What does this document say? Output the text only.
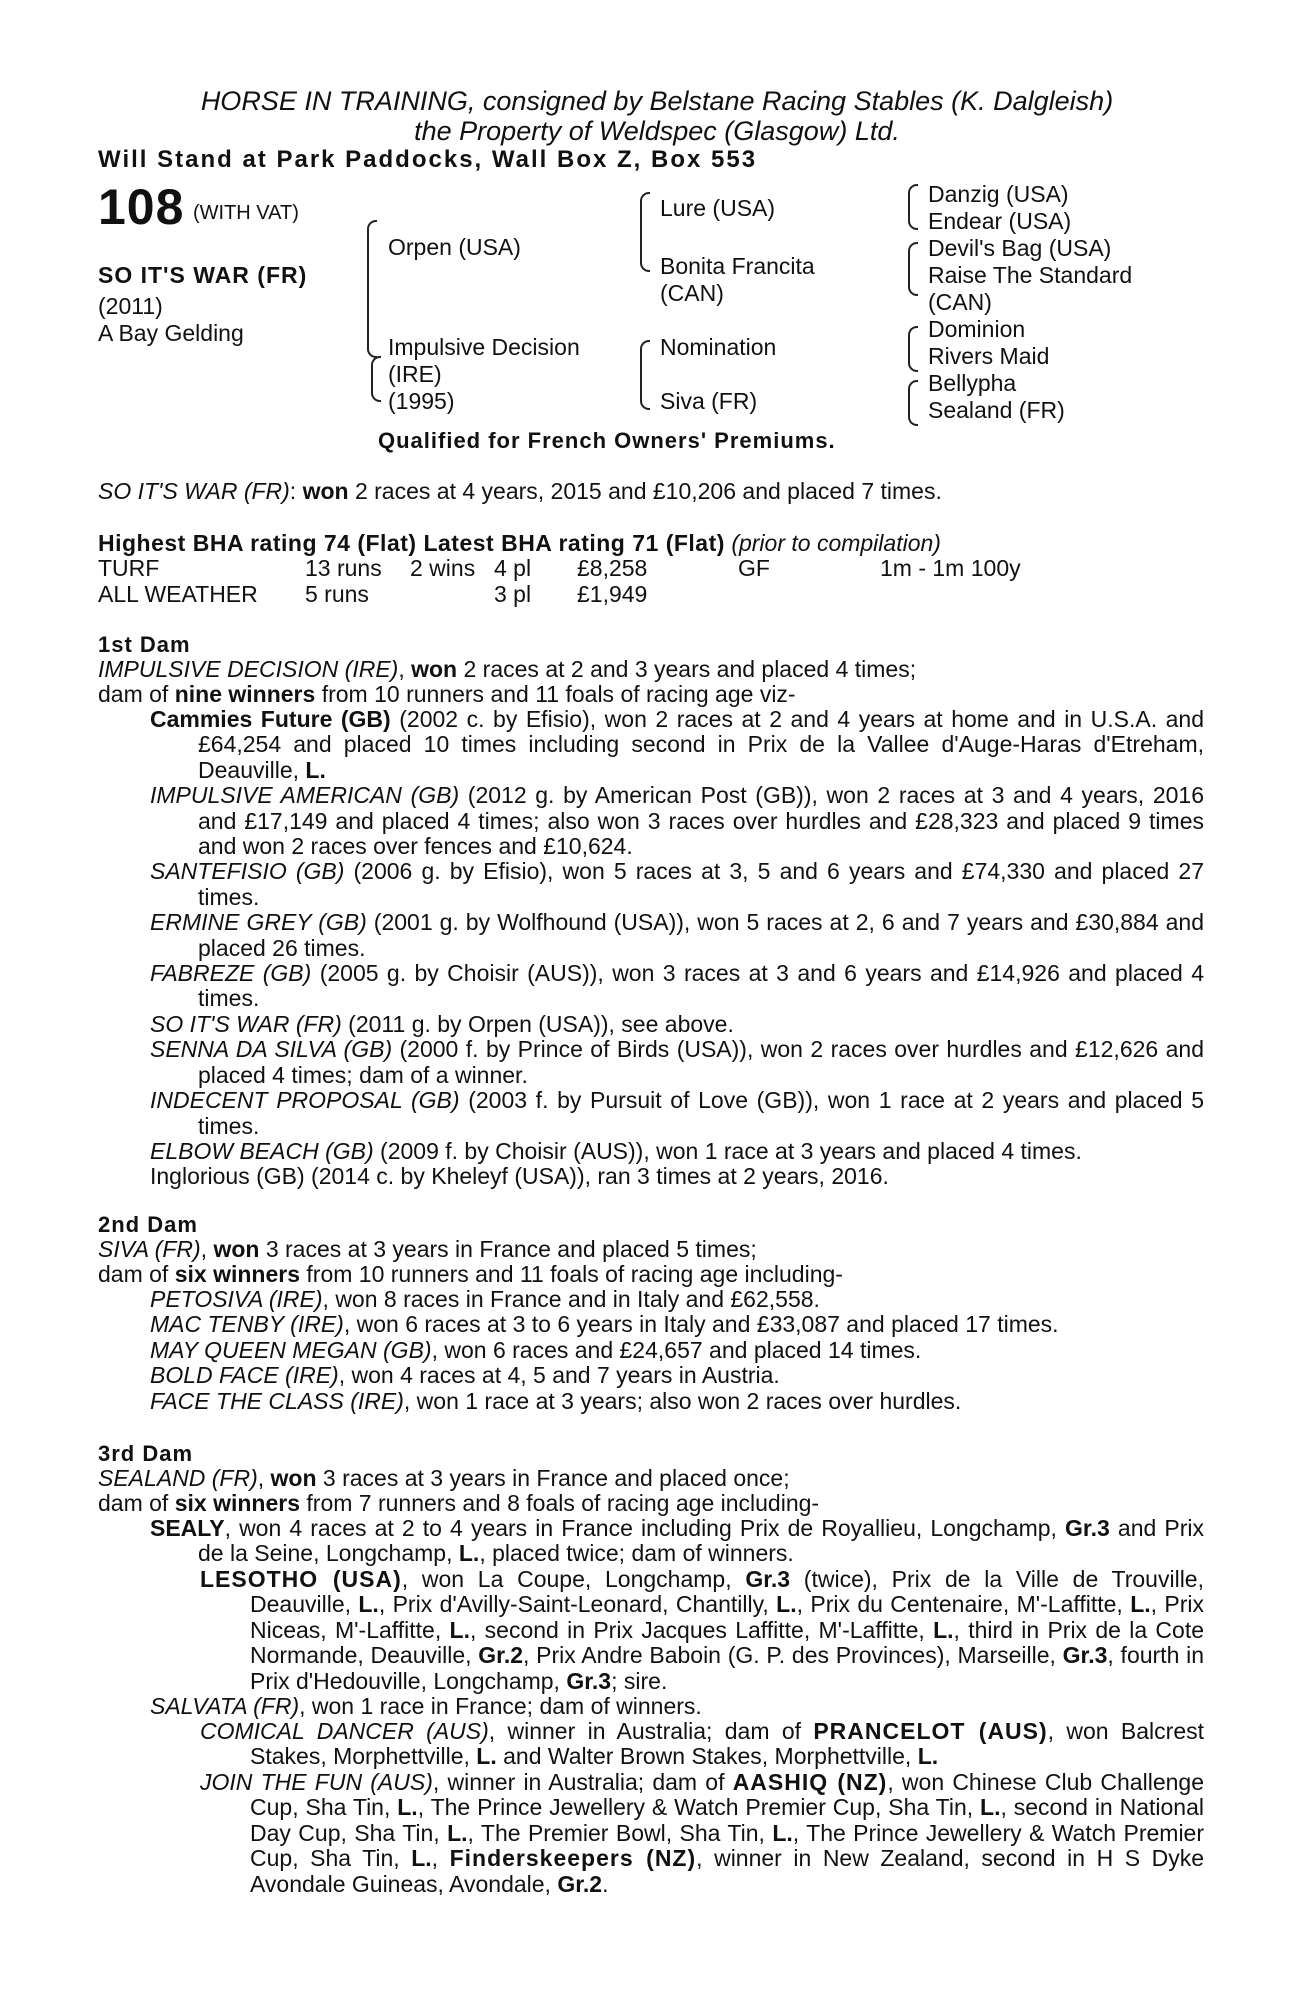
HORSE IN TRAINING, consigned by Belstane Racing Stables (K. Dalgleish)
the Property of Weldspec (Glasgow) Ltd.
Will Stand at Park Paddocks, Wall Box Z, Box 553
108 (WITH VAT)
SO IT'S WAR (FR)
(2011)
A Bay Gelding
Orpen (USA)
Impulsive Decision
(IRE)
(1995)
Lure (USA)
Bonita Francita
(CAN)
Nomination
Siva (FR)
Danzig (USA)
Endear (USA)
Devil's Bag (USA)
Raise The Standard
(CAN)
Dominion
Rivers Maid
Bellypha
Sealand (FR)
Qualified for French Owners' Premiums.
SO IT'S WAR (FR): won 2 races at 4 years, 2015 and £10,206 and placed 7 times.
Highest BHA rating 74 (Flat) Latest BHA rating 71 (Flat) (prior to compilation)
TURF	13 runs 2 wins 4 pl £8,258	GF	1m - 1m 100y
ALL WEATHER 5 runs	3 pl £1,949
1st Dam
IMPULSIVE DECISION (IRE), won 2 races at 2 and 3 years and placed 4 times;
dam of nine winners from 10 runners and 11 foals of racing age viz-

Cammies Future (GB) (2002 c. by Efisio), won 2 races at 2 and 4 years at home and in U.S.A. and £64,254 and placed 10 times including second in Prix de la Vallee d'Auge-Haras d'Etreham, Deauville, L.

IMPULSIVE AMERICAN (GB) (2012 g. by American Post (GB)), won 2 races at 3 and 4 years, 2016 and £17,149 and placed 4 times; also won 3 races over hurdles and £28,323 and placed 9 times and won 2 races over fences and £10,624.

SANTEFISIO (GB) (2006 g. by Efisio), won 5 races at 3, 5 and 6 years and £74,330 and placed 27 times.

ERMINE GREY (GB) (2001 g. by Wolfhound (USA)), won 5 races at 2, 6 and 7 years and £30,884 and placed 26 times.

FABREZE (GB) (2005 g. by Choisir (AUS)), won 3 races at 3 and 6 years and £14,926 and placed 4 times.

SO IT'S WAR (FR) (2011 g. by Orpen (USA)), see above.

SENNA DA SILVA (GB) (2000 f. by Prince of Birds (USA)), won 2 races over hurdles and £12,626 and placed 4 times; dam of a winner.

INDECENT PROPOSAL (GB) (2003 f. by Pursuit of Love (GB)), won 1 race at 2 years and placed 5 times.

ELBOW BEACH (GB) (2009 f. by Choisir (AUS)), won 1 race at 3 years and placed 4 times.

Inglorious (GB) (2014 c. by Kheleyf (USA)), ran 3 times at 2 years, 2016.

2nd Dam
SIVA (FR), won 3 races at 3 years in France and placed 5 times;
dam of six winners from 10 runners and 11 foals of racing age including-

PETOSIVA (IRE), won 8 races in France and in Italy and £62,558.

MAC TENBY (IRE), won 6 races at 3 to 6 years in Italy and £33,087 and placed 17 times.

MAY QUEEN MEGAN (GB), won 6 races and £24,657 and placed 14 times.

BOLD FACE (IRE), won 4 races at 4, 5 and 7 years in Austria.

FACE THE CLASS (IRE), won 1 race at 3 years; also won 2 races over hurdles.

3rd Dam
SEALAND (FR), won 3 races at 3 years in France and placed once;
dam of six winners from 7 runners and 8 foals of racing age including-

SEALY, won 4 races at 2 to 4 years in France including Prix de Royallieu, Longchamp, Gr.3 and Prix de la Seine, Longchamp, L., placed twice; dam of winners.

LESOTHO (USA), won La Coupe, Longchamp, Gr.3 (twice), Prix de la Ville de Trouville, Deauville, L., Prix d'Avilly-Saint-Leonard, Chantilly, L., Prix du Centenaire, M'-Laffitte, L., Prix Niceas, M'-Laffitte, L., second in Prix Jacques Laffitte, M'-Laffitte, L., third in Prix de la Cote Normande, Deauville, Gr.2, Prix Andre Baboin (G. P. des Provinces), Marseille, Gr.3, fourth in Prix d'Hedouville, Longchamp, Gr.3; sire.

SALVATA (FR), won 1 race in France; dam of winners.

COMICAL DANCER (AUS), winner in Australia; dam of PRANCELOT (AUS), won Balcrest Stakes, Morphettville, L. and Walter Brown Stakes, Morphettville, L.

JOIN THE FUN (AUS), winner in Australia; dam of AASHIQ (NZ), won Chinese Club Challenge Cup, Sha Tin, L., The Prince Jewellery & Watch Premier Cup, Sha Tin, L., second in National Day Cup, Sha Tin, L., The Premier Bowl, Sha Tin, L., The Prince Jewellery & Watch Premier Cup, Sha Tin, L., Finderskeepers (NZ), winner in New Zealand, second in H S Dyke Avondale Guineas, Avondale, Gr.2.
